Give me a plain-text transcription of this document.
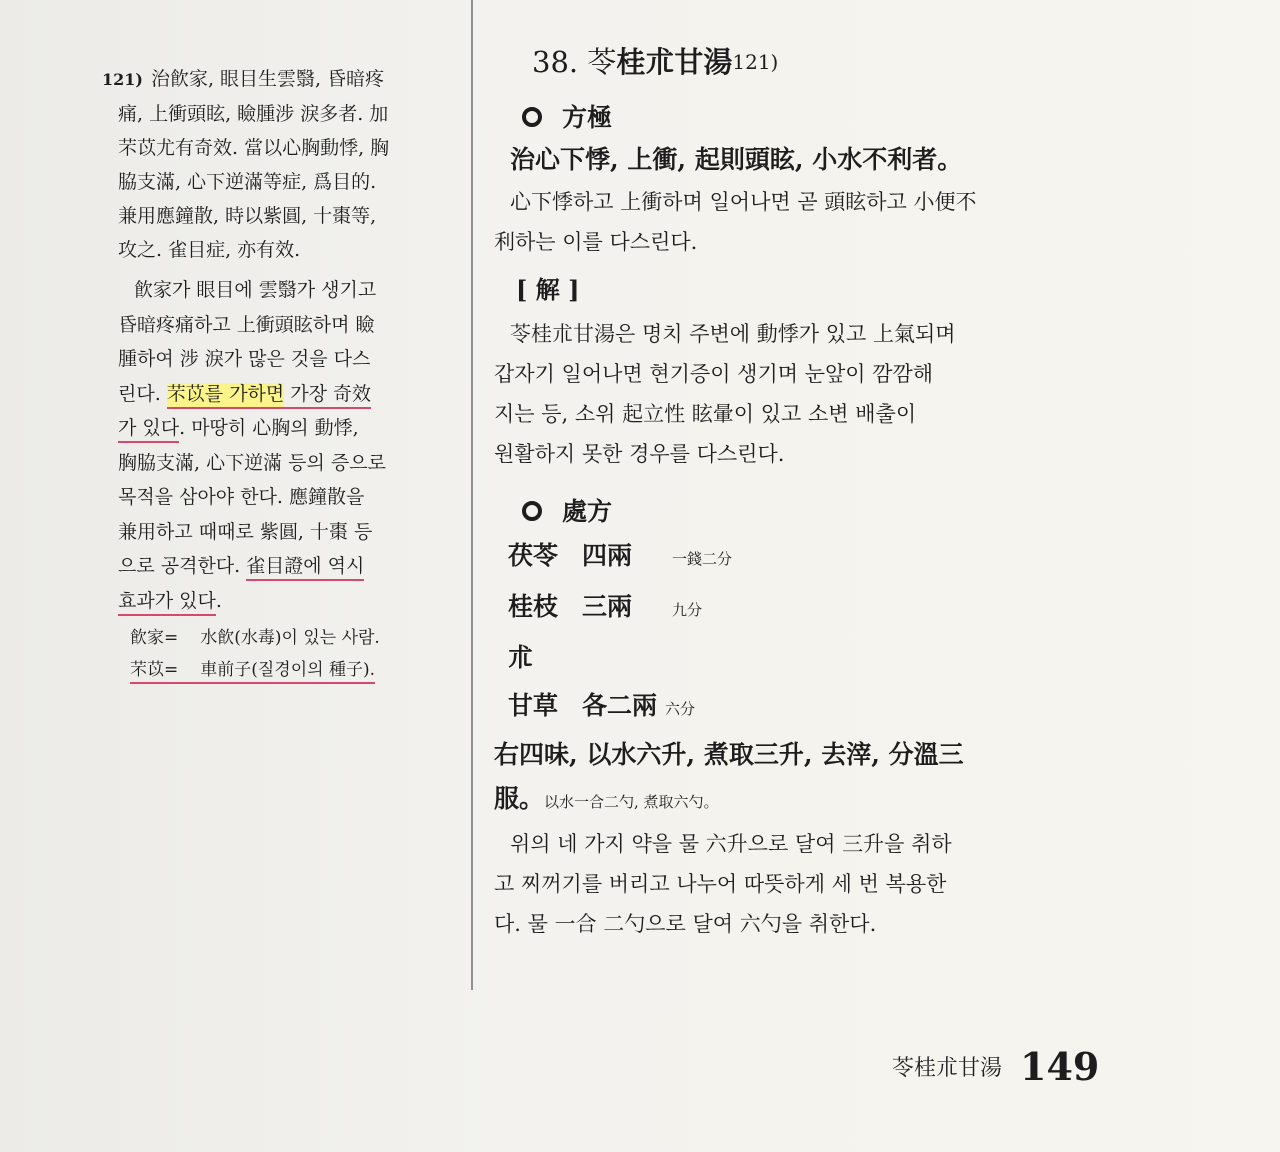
121) 治飮家, 眼目生雲翳, 昏暗疼
痛, 上衝頭眩, 瞼腫涉 淚多者. 加
芣苡尤有奇效. 當以心胸動悸, 胸
脇支滿, 心下逆滿等症, 爲目的.
兼用應鐘散, 時以紫圓, 十棗等,
攻之. 雀目症, 亦有效.
飮家가 眼目에 雲翳가 생기고
昏暗疼痛하고 上衝頭眩하며 瞼
腫하여 涉 淚가 많은 것을 다스
린다. 芣苡를 가하면 가장 奇效
가 있다. 마땅히 心胸의 動悸,
胸脇支滿, 心下逆滿 등의 증으로
목적을 삼아야 한다. 應鐘散을
兼用하고 때때로 紫圓, 十棗 등
으로 공격한다. 雀目證에 역시
효과가 있다.
飮家= 水飮(水毒)이 있는 사람.
芣苡= 車前子(질경이의 種子).
38. 苓桂朮甘湯$^{121)}$
方極
治心下悸, 上衝, 起則頭眩, 小水不利者。
心下悸하고 上衝하며 일어나면 곧 頭眩하고 小便不
利하는 이를 다스린다.
[ 解 ]
苓桂朮甘湯은 명치 주변에 動悸가 있고 上氣되며
갑자기 일어나면 현기증이 생기며 눈앞이 깜깜해
지는 등, 소위 起立性 眩暈이 있고 소변 배출이
원활하지 못한 경우를 다스린다.
處方
茯苓 四兩	一錢二分
桂枝 三兩	九分
朮
甘草 各二兩 六分
右四味, 以水六升, 煮取三升, 去滓, 分溫三
服。以水一合二勺, 煮取六勺。
위의 네 가지 약을 물 六升으로 달여 三升을 취하
고 찌꺼기를 버리고 나누어 따뜻하게 세 번 복용한
다. 물 一合 二勺으로 달여 六勺을 취한다.
苓桂朮甘湯 149
